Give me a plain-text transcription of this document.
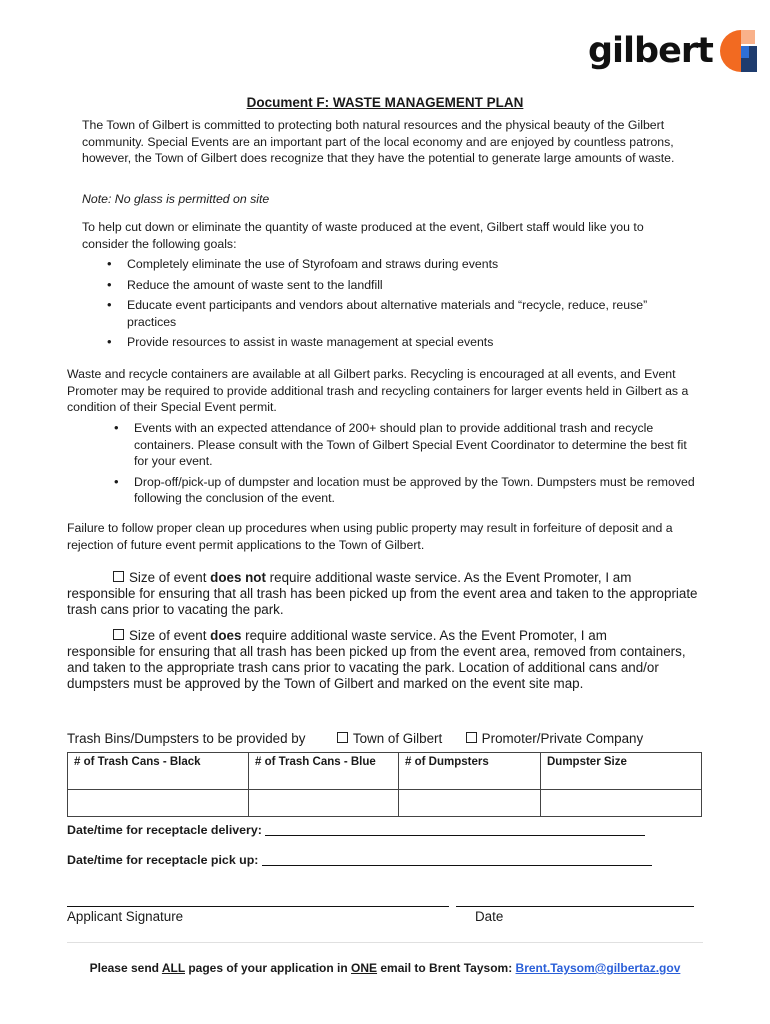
gilbert
Document F: WASTE MANAGEMENT PLAN

The Town of Gilbert is committed to protecting both natural resources and the physical beauty of the Gilbert community. Special Events are an important part of the local economy and are enjoyed by countless patrons, however, the Town of Gilbert does recognize that they have the potential to generate large amounts of waste.

Note: No glass is permitted on site

To help cut down or eliminate the quantity of waste produced at the event, Gilbert staff would like you to consider the following goals:

• Completely eliminate the use of Styrofoam and straws during events
• Reduce the amount of waste sent to the landfill
• Educate event participants and vendors about alternative materials and “recycle, reduce, reuse” practices
• Provide resources to assist in waste management at special events

Waste and recycle containers are available at all Gilbert parks. Recycling is encouraged at all events, and Event Promoter may be required to provide additional trash and recycling containers for larger events held in Gilbert as a condition of their Special Event permit.

• Events with an expected attendance of 200+ should plan to provide additional trash and recycle containers. Please consult with the Town of Gilbert Special Event Coordinator to determine the best fit for your event.
• Drop-off/pick-up of dumpster and location must be approved by the Town. Dumpsters must be removed following the conclusion of the event.

Failure to follow proper clean up procedures when using public property may result in forfeiture of deposit and a rejection of future event permit applications to the Town of Gilbert.

Size of event does not require additional waste service. As the Event Promoter, I am
responsible for ensuring that all trash has been picked up from the event area and taken to the appropriate trash cans prior to vacating the park.
Size of event does require additional waste service. As the Event Promoter, I am
responsible for ensuring that all trash has been picked up from the event area, removed from containers, and taken to the appropriate trash cans prior to vacating the park. Location of additional cans and/or dumpsters must be approved by the Town of Gilbert and marked on the event site map.
Trash Bins/Dumpsters to be provided by	Town of Gilbert	Promoter/Private Company
# of Trash Cans - Black	# of Trash Cans - Blue	# of Dumpsters	Dumpster Size

Date/time for receptacle delivery:
Date/time for receptacle pick up:
Applicant Signature	Date
Please send ALL pages of your application in ONE email to Brent Taysom: Brent.Taysom@gilbertaz.gov
